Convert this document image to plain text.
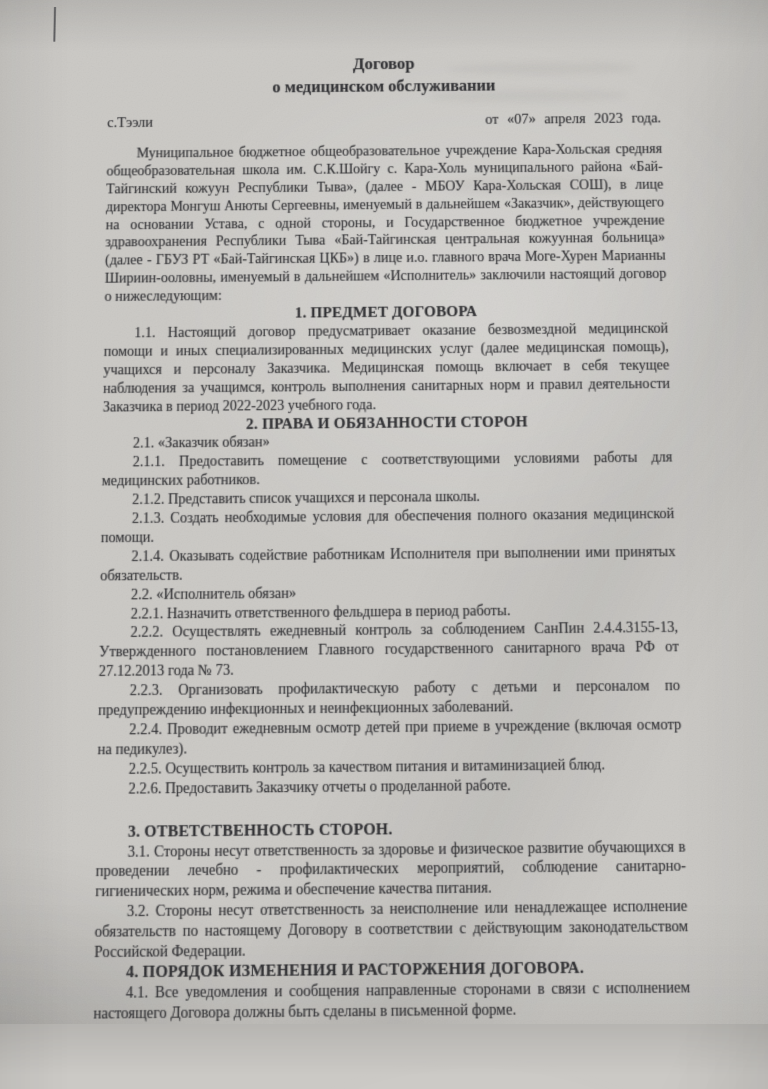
Договор
о медицинском обслуживании
с.Тээли	от «07» апреля 2023 года.

Муниципальное бюджетное общеобразовательное учреждение Кара-Хольская средняя общеобразовательная школа им. С.К.Шойгу с. Кара-Холь муниципального района «Бай-Тайгинский кожуун Республики Тыва», (далее - МБОУ Кара-Хольская СОШ), в лице директора Монгуш Анюты Сергеевны, именуемый в дальнейшем «Заказчик», действующего на основании Устава, с одной стороны, и Государственное бюджетное учреждение здравоохранения Республики Тыва «Бай-Тайгинская центральная кожуунная больница» (далее - ГБУЗ РТ «Бай-Тайгинская ЦКБ») в лице и.о. главного врача Моге-Хурен Марианны Шириин-ооловны, именуемый в дальнейшем «Исполнитель» заключили настоящий договор о нижеследующим:

1. ПРЕДМЕТ ДОГОВОРА

1.1. Настоящий договор предусматривает оказание безвозмездной медицинской помощи и иных специализированных медицинских услуг (далее медицинская помощь), учащихся и персоналу Заказчика. Медицинская помощь включает в себя текущее наблюдения за учащимся, контроль выполнения санитарных норм и правил деятельности Заказчика в период 2022-2023 учебного года.

2. ПРАВА И ОБЯЗАННОСТИ СТОРОН

2.1. «Заказчик обязан»

2.1.1. Предоставить помещение с соответствующими условиями работы для медицинских работников.

2.1.2. Представить список учащихся и персонала школы.

2.1.3. Создать необходимые условия для обеспечения полного оказания медицинской помощи.

2.1.4. Оказывать содействие работникам Исполнителя при выполнении ими принятых обязательств.

2.2. «Исполнитель обязан»

2.2.1. Назначить ответственного фельдшера в период работы.

2.2.2. Осуществлять ежедневный контроль за соблюдением СанПин 2.4.4.3155-13, Утвержденного постановлением Главного государственного санитарного врача РФ от 27.12.2013 года № 73.

2.2.3. Организовать профилактическую работу с детьми и персоналом по предупреждению инфекционных и неинфекционных заболеваний.

2.2.4. Проводит ежедневным осмотр детей при приеме в учреждение (включая осмотр на педикулез).

2.2.5. Осуществить контроль за качеством питания и витаминизацией блюд.

2.2.6. Предоставить Заказчику отчеты о проделанной работе.

3. ОТВЕТСТВЕННОСТЬ СТОРОН.

3.1. Стороны несут ответственность за здоровье и физическое развитие обучающихся в проведении лечебно - профилактических мероприятий, соблюдение санитарно- гигиенических норм, режима и обеспечение качества питания.

3.2. Стороны несут ответственность за неисполнение или ненадлежащее исполнение обязательств по настоящему Договору в соответствии с действующим законодательством Российской Федерации.

4. ПОРЯДОК ИЗМЕНЕНИЯ И РАСТОРЖЕНИЯ ДОГОВОРА.

4.1. Все уведомления и сообщения направленные сторонами в связи с исполнением настоящего Договора должны быть сделаны в письменной форме.
